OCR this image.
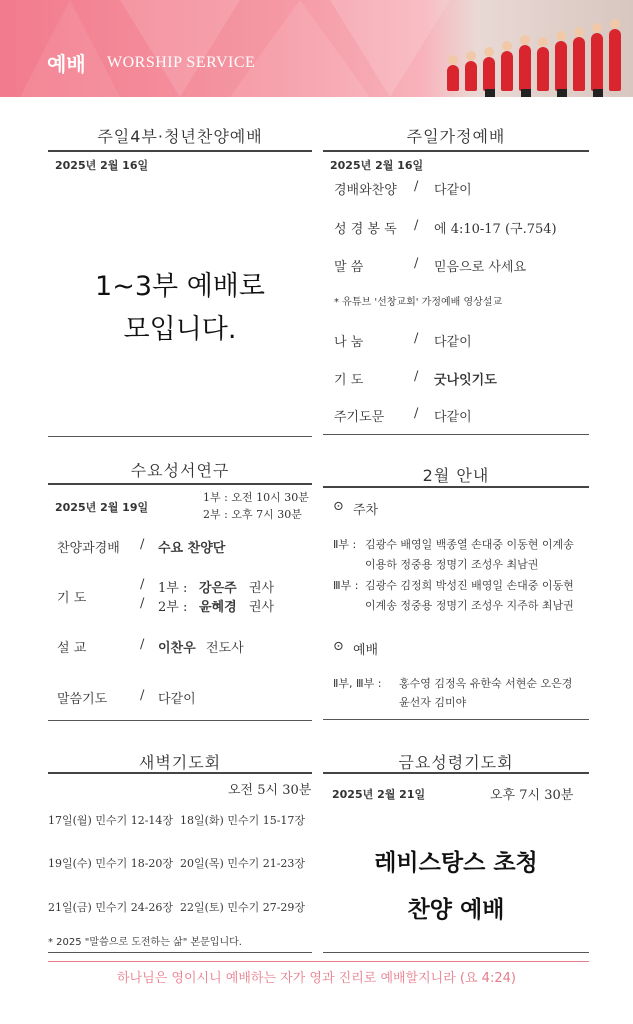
예배 WORSHIP SERVICE
주일4부·청년찬양예배
2025년 2월 16일
1~3부 예배로
모입니다.
주일가정예배
2025년 2월 16일
경배와찬양 / 다같이
성 경 봉 독 / 에 4:10-17 (구.754)
말 씀	/ 믿음으로 사세요
* 유튜브 '선창교회' 가정예배 영상설교
나 눔	/ 다같이
기 도	/ 굿나잇기도
주기도문 / 다같이
수요성서연구
2025년 2월 19일
1부 : 오전 10시 30분
2부 : 오후 7시 30분
찬양과경배 / 수요 찬양단
기 도
/ 1부 : 강은주 권사
/ 2부 : 윤혜경 권사
설 교	/ 이찬우 전도사
말씀기도	/ 다같이
2월 안내
⊙ 주차
Ⅱ부 : 김광수 배영일 백종열 손대중 이동현 이계송
이용하 정중용 정명기 조성우 최남권
Ⅲ부 : 김광수 김정희 박성진 배영일 손대중 이동현
이계송 정중용 정명기 조성우 지주하 최남권
⊙ 예배
Ⅱ부, Ⅲ부 : 홍수영 김정옥 유한숙 서현순 오은경
윤선자 김미야
새벽기도회
오전 5시 30분
17일(월) 민수기 12-14장 18일(화) 민수기 15-17장
19일(수) 민수기 18-20장 20일(목) 민수기 21-23장
21일(금) 민수기 24-26장 22일(토) 민수기 27-29장
* 2025 "말씀으로 도전하는 삶" 본문입니다.
금요성령기도회
2025년 2월 21일	오후 7시 30분
레비스탕스 초청
찬양 예배
하나님은 영이시니 예배하는 자가 영과 진리로 예배할지니라 (요 4:24)
